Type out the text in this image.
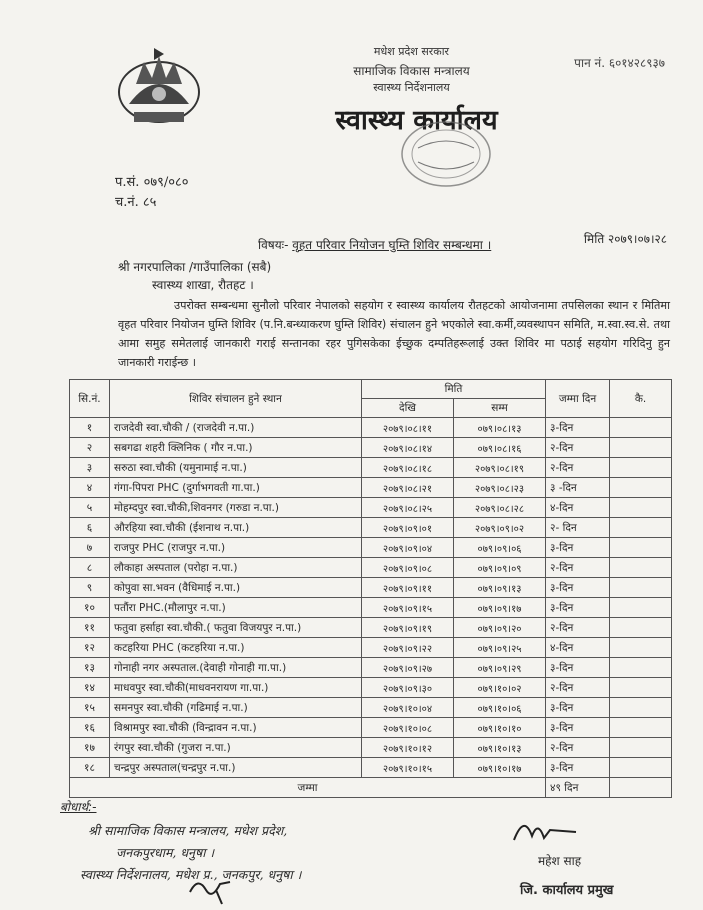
मधेश प्रदेश सरकार
सामाजिक विकास मन्त्रालय
स्वास्थ्य निर्देशनालय
स्वास्थ्य कार्यालय
पान नं. ६०१४२८९३७
प.सं. ०७९/०८०
च.नं. ८५
मिति २०७९।०७।२८
विषयः- वृहत परिवार नियोजन घुम्ति शिविर सम्बन्धमा ।
श्री नगरपालिका /गाउँपालिका (सबै)
स्वास्थ्य शाखा, रौतहट ।
उपरोक्त सम्बन्धमा सुनौलो परिवार नेपालको सहयोग र स्वास्थ्य कार्यालय रौतहटको आयोजनामा तपसिलका स्थान र मितिमा वृहत परिवार नियोजन घुम्ति शिविर (प.नि.बन्ध्याकरण घुम्ति शिविर) संचालन हुने भएकोले स्वा.कर्मी,व्यवस्थापन समिति, म.स्वा.स्व.से. तथा आमा समुह समेतलाई जानकारी गराई सन्तानका रहर पुगिसकेका ईच्छुक दम्पतिहरूलाई उक्त शिविर मा पठाई सहयोग गरिदिनु हुन जानकारी गराईन्छ ।
सि.नं.	शिविर संचालन हुने स्थान	मिति		जम्मा दिन	कै.
		देखि	सम्म		
१	राजदेवी स्वा.चौकी / (राजदेवी न.पा.)	२०७९।०८।११	०७९।०८।१३	३-दिन	
२	सबगढा शहरी क्लिनिक ( गौर न.पा.)	२०७९।०८।१४	०७९।०८।१६	२-दिन	
३	सरुठा स्वा.चौकी (यमुनामाई न.पा.)	२०७९।०८।१८	२०७९।०८।१९	२-दिन	
४	गंगा-पिपरा PHC (दुर्गाभगवती गा.पा.)	२०७९।०८।२१	२०७९।०८।२३	३ -दिन	
५	मोहम्दपुर स्वा.चौकी,शिवनगर (गरुडा न.पा.)	२०७९।०८।२५	२०७९।०८।२८	४-दिन	
६	औरहिया स्वा.चौकी (ईशनाथ न.पा.)	२०७९।०९।०१	२०७९।०९।०२	२- दिन	
७	राजपुर PHC (राजपुर न.पा.)	२०७९।०९।०४	०७९।०९।०६	३-दिन	
८	लौकाहा अस्पताल (परोहा न.पा.)	२०७९।०९।०८	०७९।०९।०९	२-दिन	
९	कोपुवा सा.भवन (वैधिमाई न.पा.)	२०७९।०९।११	०७९।०९।१३	३-दिन	
१०	पतौंरा PHC.(मौलापुर न.पा.)	२०७९।०९।१५	०७९।०९।१७	३-दिन	
११	फतुवा हर्साहा स्वा.चौकी.( फतुवा विजयपुर न.पा.)	२०७९।०९।१९	०७९।०९।२०	२-दिन	
१२	कटहरिया PHC (कटहरिया न.पा.)	२०७९।०९।२२	०७९।०९।२५	४-दिन	
१३	गोनाही नगर अस्पताल.(देवाही गोनाही गा.पा.)	२०७९।०९।२७	०७९।०९।२९	३-दिन	
१४	माधवपुर स्वा.चौकी(माधवनरायण गा.पा.)	२०७९।०९।३०	०७९।१०।०२	२-दिन	
१५	समनपुर स्वा.चौकी (गढिमाई न.पा.)	२०७९।१०।०४	०७९।१०।०६	३-दिन	
१६	विश्रामपुर स्वा.चौकी (विन्द्रावन न.पा.)	२०७९।१०।०८	०७९।१०।१०	३-दिन	
१७	रंगपुर स्वा.चौकी (गुजरा न.पा.)	२०७९।१०।१२	०७९।१०।१३	२-दिन	
१८	चन्द्रपुर अस्पताल(चन्द्रपुर न.पा.)	२०७९।१०।१५	०७९।१०।१७	३-दिन	
जम्मा				४९ दिन	
बोधार्थ:-
श्री सामाजिक विकास मन्त्रालय, मधेश प्रदेश,
जनकपुरधाम, धनुषा ।
स्वास्थ्य निर्देशनालय, मधेश प्र., जनकपुर, धनुषा ।
महेश साह
जि. कार्यालय प्रमुख
